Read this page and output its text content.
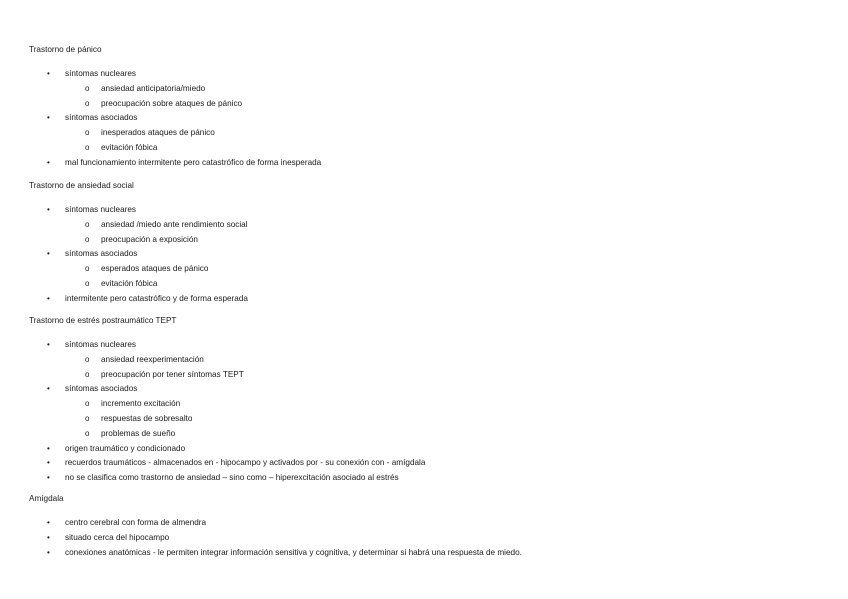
Trastorno de pánico
• síntomas nucleares
o ansiedad anticipatoria/miedo
o preocupación sobre ataques de pánico
• síntomas asociados
o inesperados ataques de pánico
o evitación fóbica
• mal funcionamiento intermitente pero catastrófico de forma inesperada
Trastorno de ansiedad social
• síntomas nucleares
o ansiedad /miedo ante rendimiento social
o preocupación a exposición
• síntomas asociados
o esperados ataques de pánico
o evitación fóbica
• intermitente pero catastrófico y de forma esperada
Trastorno de estrés postraumático TEPT
• síntomas nucleares
o ansiedad reexperimentación
o preocupación por tener síntomas TEPT
• síntomas asociados
o incremento excitación
o respuestas de sobresalto
o problemas de sueño
• origen traumático y condicionado
• recuerdos traumáticos - almacenados en - hipocampo y activados por - su conexión con - amígdala
• no se clasifica como trastorno de ansiedad – sino como – hiperexcitación asociado al estrés
Amígdala
• centro cerebral con forma de almendra
• situado cerca del hipocampo
• conexiones anatómicas - le permiten integrar información sensitiva y cognitiva, y determinar si habrá una respuesta de miedo.
